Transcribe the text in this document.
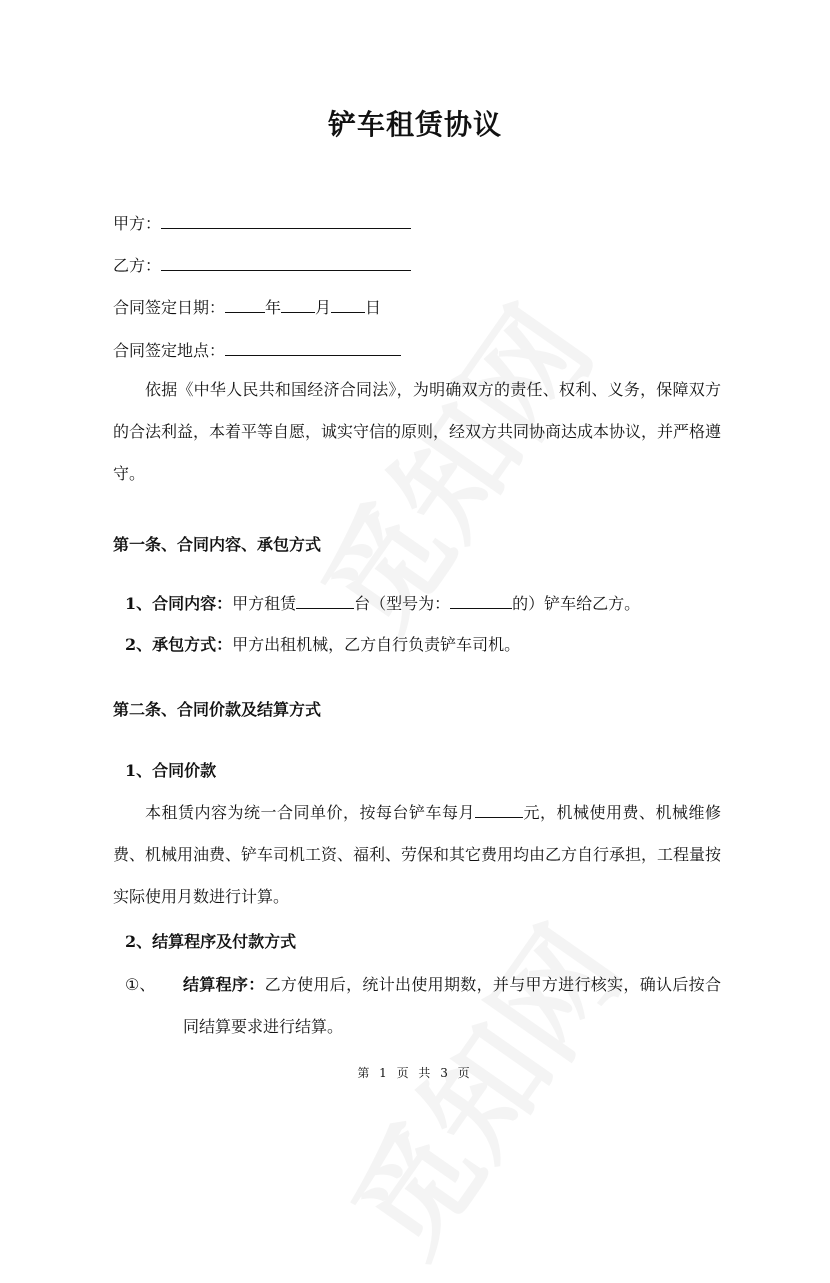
铲车租赁协议
甲方：
乙方：
合同签定日期：	年 月 日
合同签定地点：
依据《中华人民共和国经济合同法》，为明确双方的责任、权利、义务，保障双方的合法利益，本着平等自愿，诚实守信的原则，经双方共同协商达成本协议，并严格遵守。
第一条、合同内容、承包方式
1、合同内容：甲方租赁	台（型号为：	的）铲车给乙方。
2、承包方式：甲方出租机械，乙方自行负责铲车司机。
第二条、合同价款及结算方式
1、合同价款
本租赁内容为统一合同单价，按每台铲车每月	元，机械使用费、机械维修费、机械用油费、铲车司机工资、福利、劳保和其它费用均由乙方自行承担，工程量按实际使用月数进行计算。
2、结算程序及付款方式
①、 结算程序：乙方使用后，统计出使用期数，并与甲方进行核实，确认后按合同结算要求进行结算。
第 1 页 共 3 页
